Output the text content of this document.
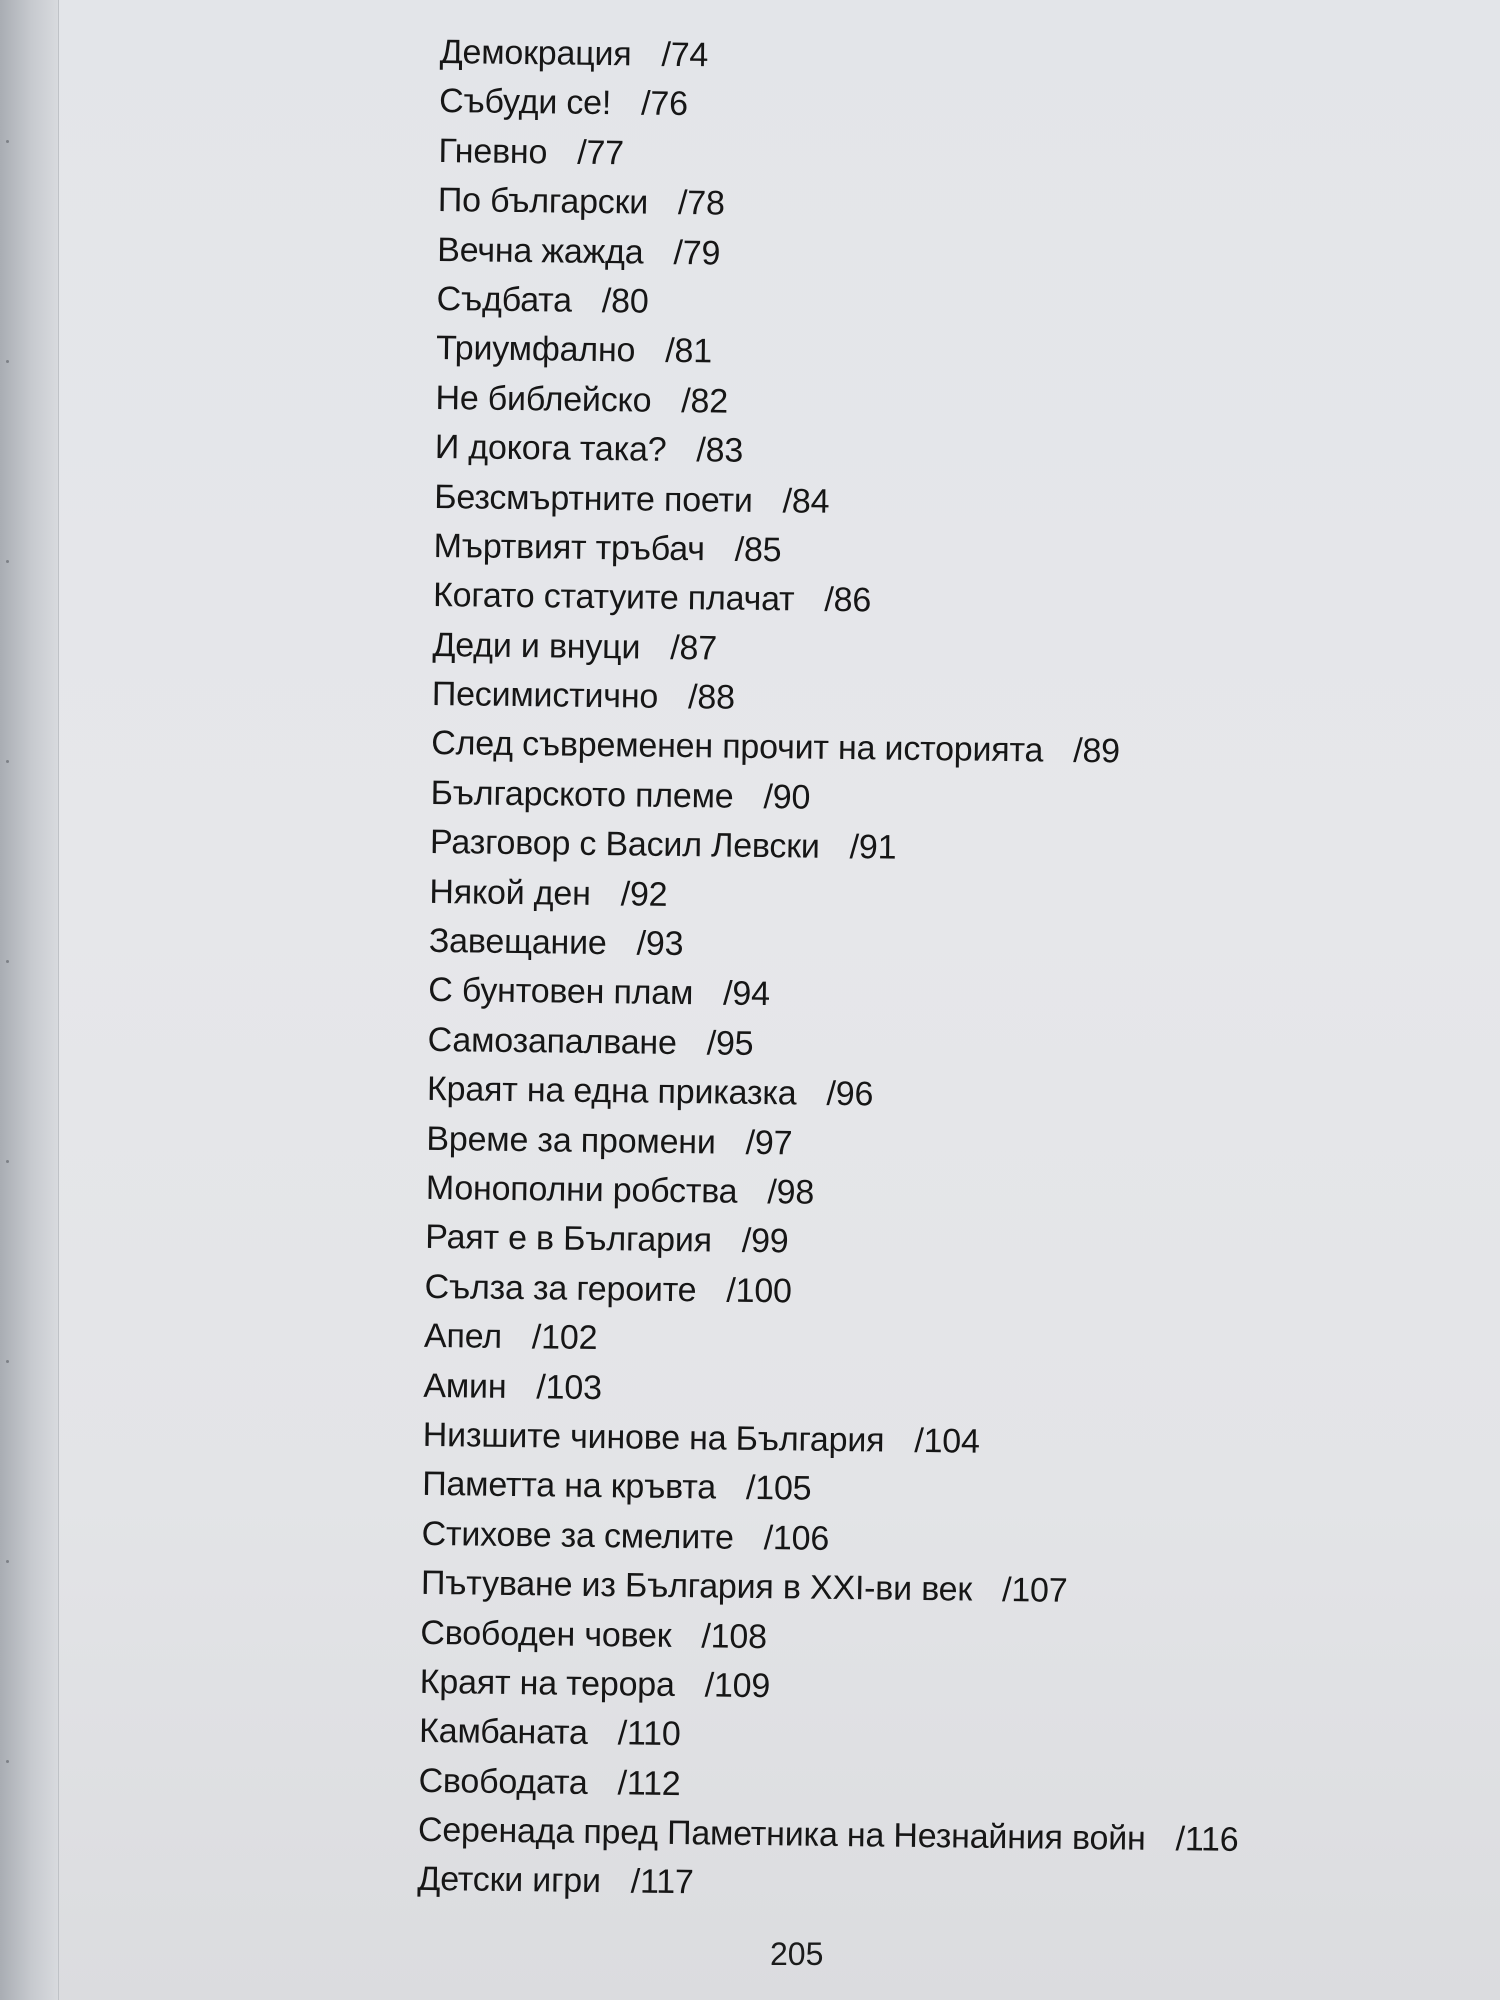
Демокрация /74
Събуди се! /76
Гневно /77
По български /78
Вечна жажда /79
Съдбата /80
Триумфално /81
Не библейско /82
И докога така? /83
Безсмъртните поети /84
Мъртвият тръбач /85
Когато статуите плачат /86
Деди и внуци /87
Песимистично /88
След съвременен прочит на историята /89
Българското племе /90
Разговор с Васил Левски /91
Някой ден /92
Завещание /93
С бунтовен плам /94
Самозапалване /95
Краят на една приказка /96
Време за промени /97
Монополни робства /98
Раят е в България /99
Сълза за героите /100
Апел /102
Амин /103
Низшите чинове на България /104
Паметта на кръвта /105
Стихове за смелите /106
Пътуване из България в XXI-ви век /107
Свободен човек /108
Краят на терора /109
Камбаната /110
Свободата /112
Серенада пред Паметника на Незнайния войн /116
Детски игри /117
205
